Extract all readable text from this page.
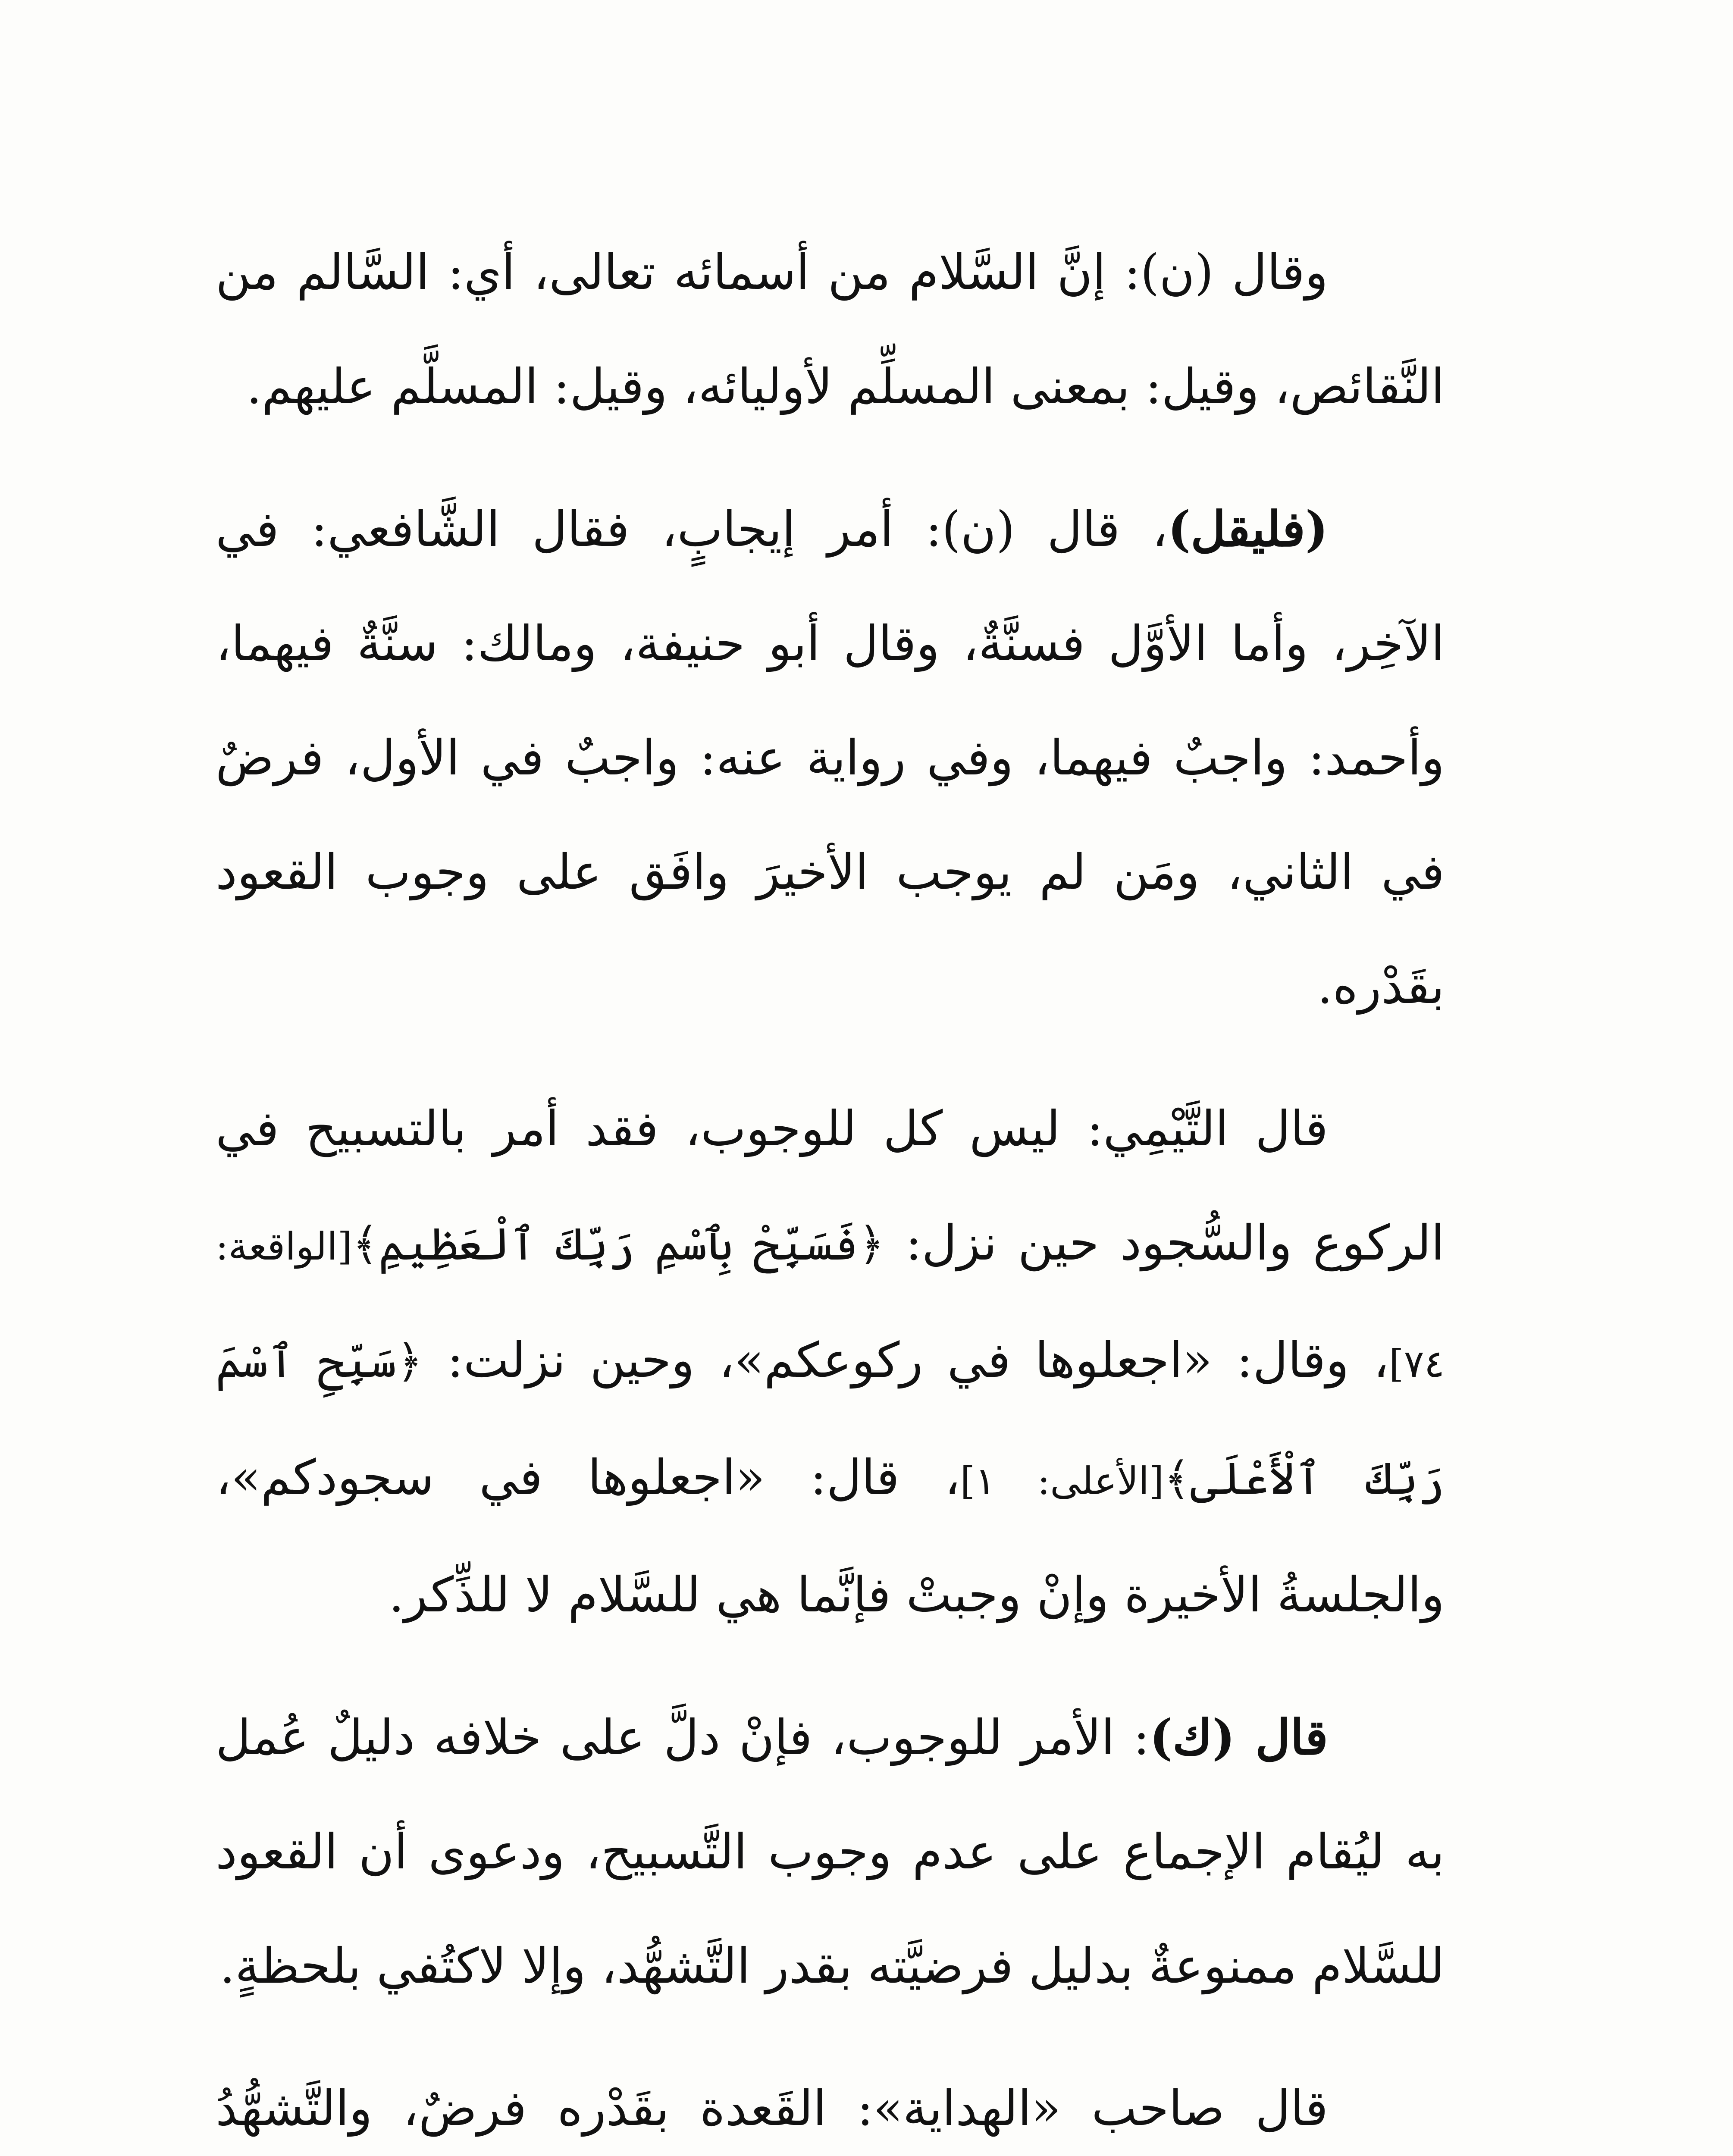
وقال (ن): إنَّ السَّلام من أسمائه تعالى، أي: السَّالم من النَّقائص، وقيل: بمعنى المسلِّم لأوليائه، وقيل: المسلَّم عليهم.

(فليقل)، قال (ن): أمر إيجابٍ، فقال الشَّافعي: في الآخِر، وأما الأوَّل فسنَّةٌ، وقال أبو حنيفة، ومالك: سنَّةٌ فيهما، وأحمد: واجبٌ فيهما، وفي رواية عنه: واجبٌ في الأول، فرضٌ في الثاني، ومَن لم يوجب الأخيرَ وافَق على وجوب القعود بقَدْره.

قال التَّيْمِي: ليس كل للوجوب، فقد أمر بالتسبيح في الركوع والسُّجود حين نزل: ﴿فَسَبِّحْ بِٱسْمِ رَبِّكَ ٱلْعَظِيمِ﴾[الواقعة: ٧٤]، وقال: «اجعلوها في ركوعكم»، وحين نزلت: ﴿سَبِّحِ ٱسْمَ رَبِّكَ ٱلْأَعْلَى﴾[الأعلى: ١]، قال: «اجعلوها في سجودكم»، والجلسةُ الأخيرة وإنْ وجبتْ فإنَّما هي للسَّلام لا للذِّكر.

قال (ك): الأمر للوجوب، فإنْ دلَّ على خلافه دليلٌ عُمل به ليُقام الإجماع على عدم وجوب التَّسبيح، ودعوى أن القعود للسَّلام ممنوعةٌ بدليل فرضيَّته بقدر التَّشهُّد، وإلا لاكتُفي بلحظةٍ.

قال صاحب «الهداية»: القَعدة بقَدْره فرضٌ، والتَّشهُّدُ
